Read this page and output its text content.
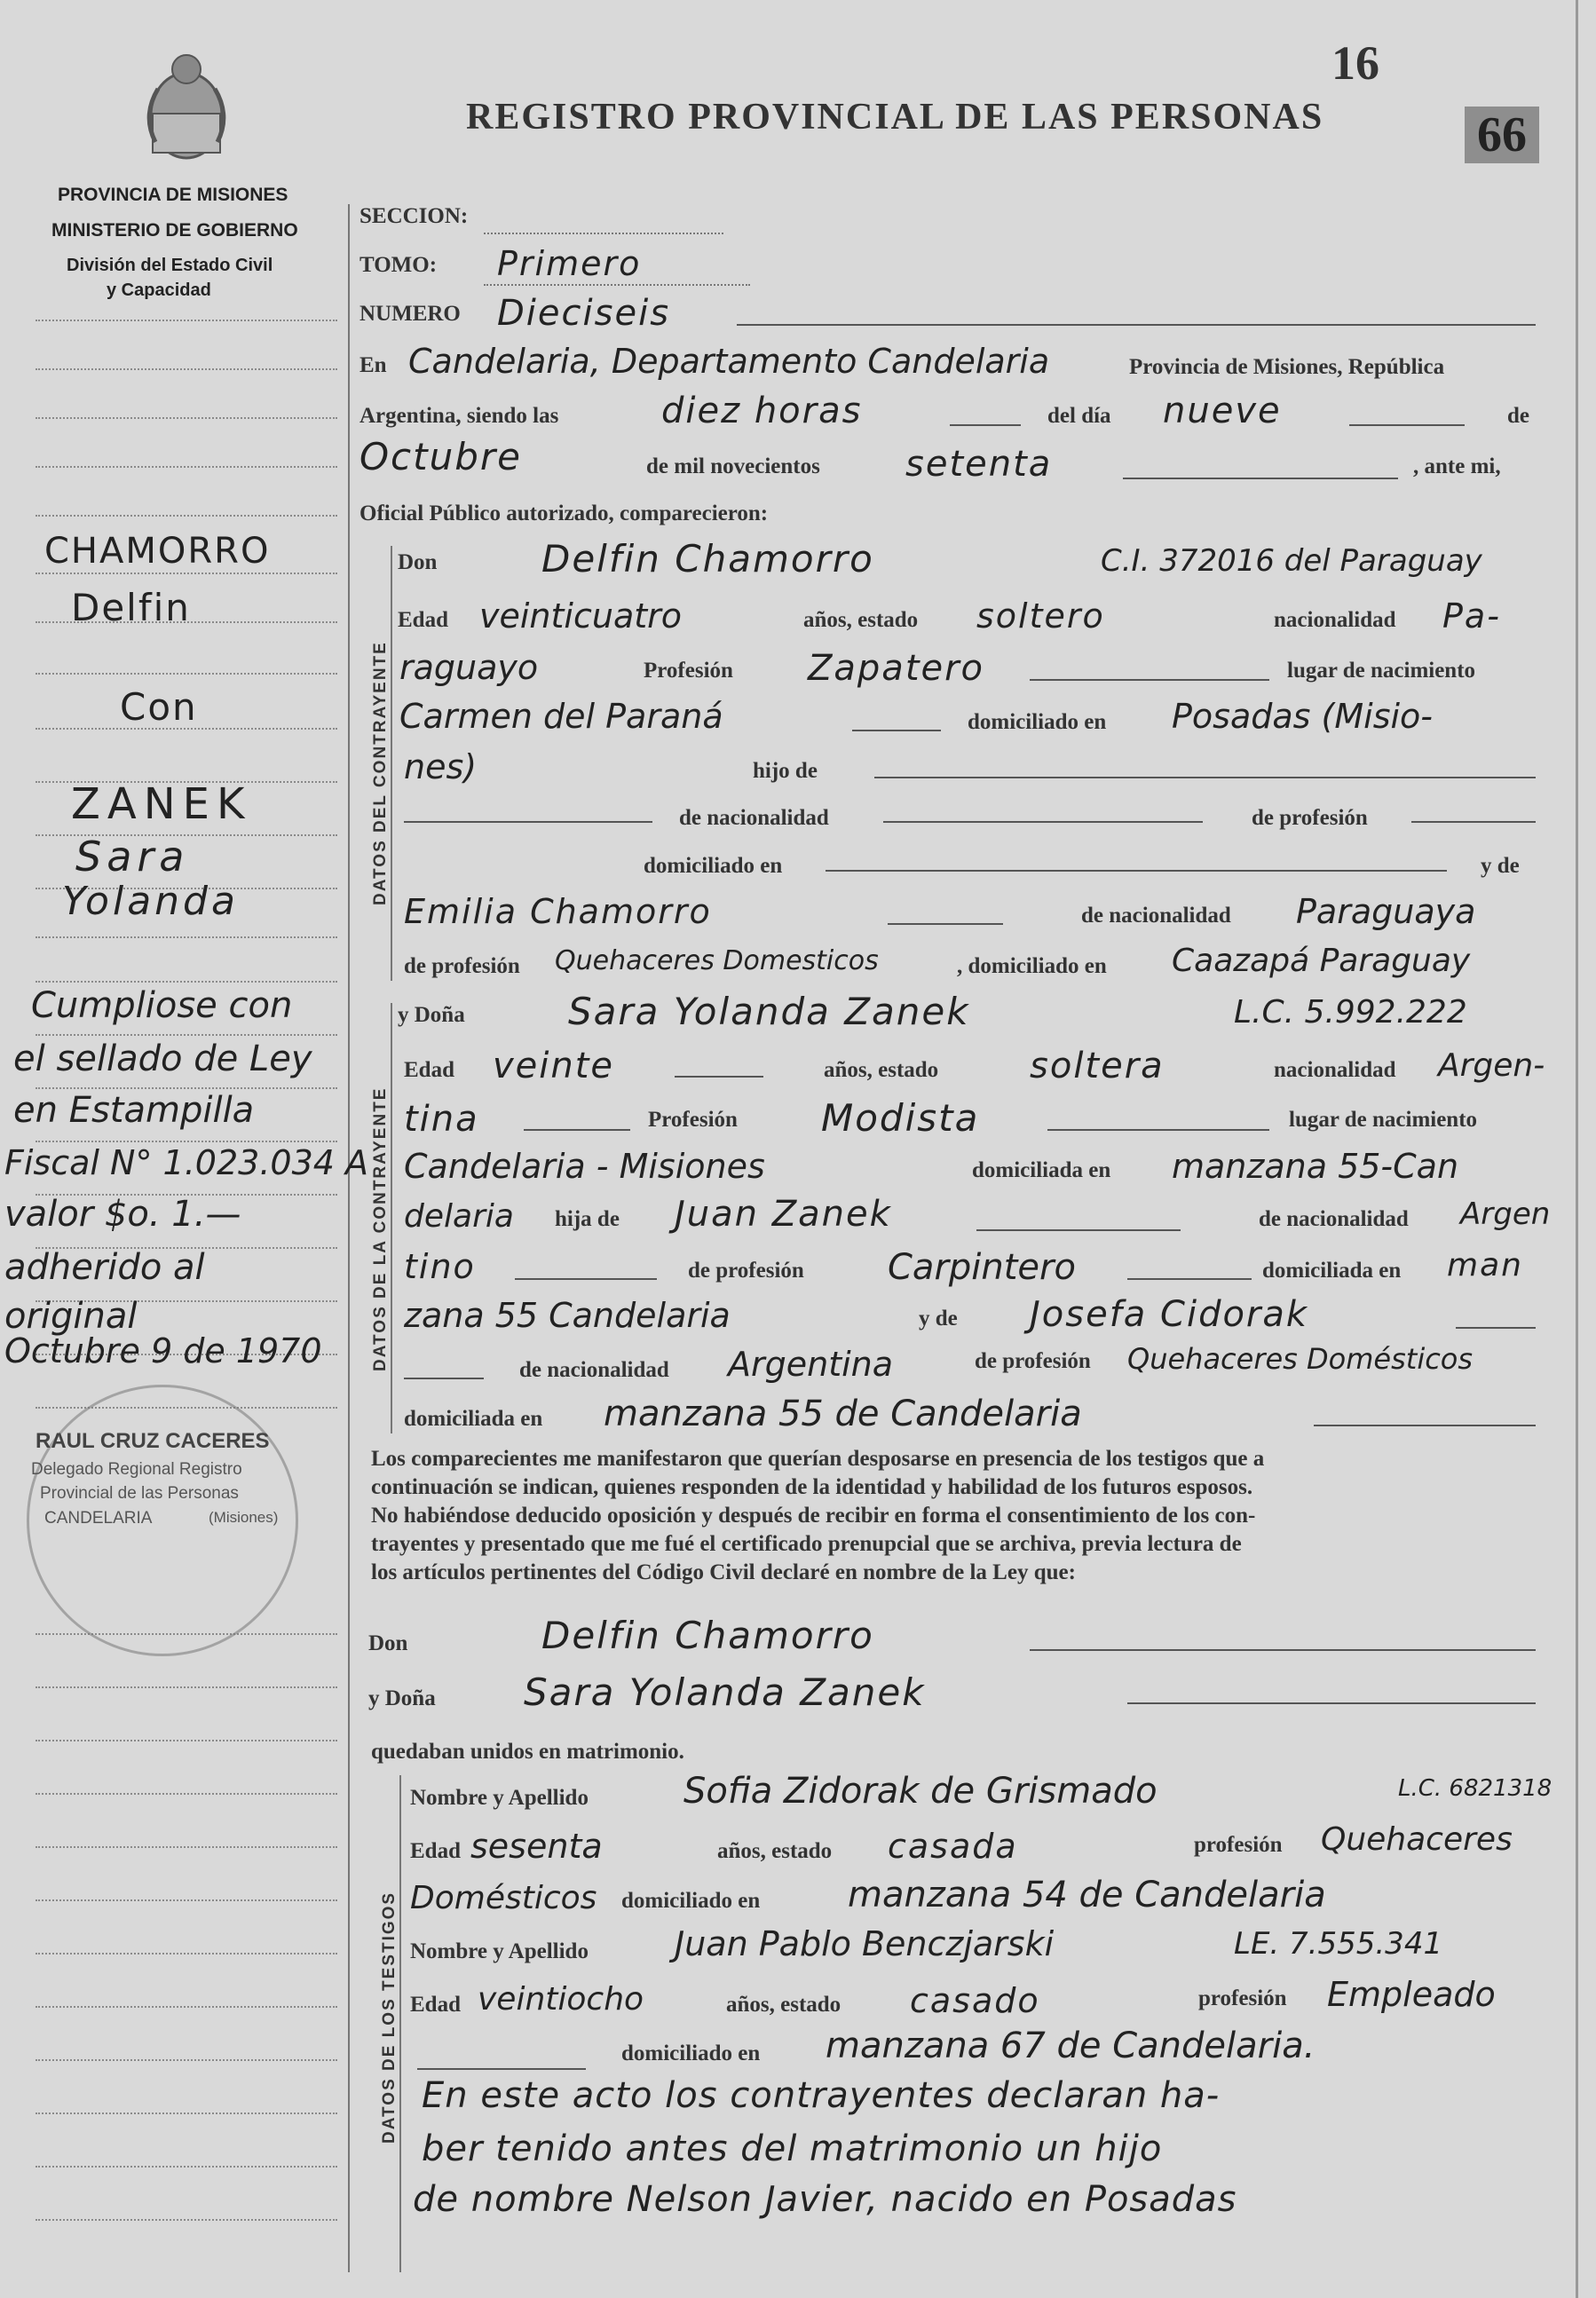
16
66
REGISTRO PROVINCIAL DE LAS PERSONAS
PROVINCIA DE MISIONES
MINISTERIO DE GOBIERNO
División del Estado Civil
y Capacidad
CHAMORRO
Delfin
Con
ZANEK
Sara
Yolanda
Cumpliose con
el sellado de Ley
en Estampilla
Fiscal N° 1.023.034 A
valor $o. 1.—
adherido al
original
Octubre 9 de 1970
RAUL CRUZ CACERES
Delegado Regional Registro
Provincial de las Personas
CANDELARIA	(Misiones)
SECCION:
TOMO: Primero
NUMERO Dieciseis
En Candelaria, Departamento Candelaria	Provincia de Misiones, República
Argentina, siendo las	diez horas	del día nueve	de
Octubre	de mil novecientos setenta	, ante mi,
Oficial Público autorizado, comparecieron:
DATOS DEL CONTRAYENTE
Don	Delfin Chamorro	C.I. 372016 del Paraguay
Edad veinticuatro	años, estado soltero	nacionalidad Pa-
raguayo	Profesión Zapatero	lugar de nacimiento
Carmen del Paraná	domiciliado en Posadas (Misio-
nes)	hijo de
de nacionalidad	de profesión
domiciliado en	y de
Emilia Chamorro	de nacionalidad Paraguaya
de profesión Quehaceres Domesticos	, domiciliado en Caazapá Paraguay
DATOS DE LA CONTRAYENTE
y Doña	Sara Yolanda Zanek	L.C. 5.992.222
Edad veinte	años, estado	soltera	nacionalidad Argen-
tina	Profesión Modista	lugar de nacimiento
Candelaria - Misiones	domiciliada en manzana 55-Can
delaria hija de Juan Zanek	de nacionalidad Argen
tino	de profesión Carpintero	domiciliada en man
zana 55 Candelaria	y de Josefa Cidorak
de nacionalidad Argentina	de profesión Quehaceres Domésticos
domiciliada en manzana 55 de Candelaria
Los comparecientes me manifestaron que querían desposarse en presencia de los testigos que a
continuación se indican, quienes responden de la identidad y habilidad de los futuros esposos.
No habiéndose deducido oposición y después de recibir en forma el consentimiento de los con-
trayentes y presentado que me fué el certificado prenupcial que se archiva, previa lectura de
los artículos pertinentes del Código Civil declaré en nombre de la Ley que:
Don	Delfin Chamorro
y Doña Sara Yolanda Zanek
quedaban unidos en matrimonio.
DATOS DE LOS TESTIGOS
Nombre y Apellido	Sofia Zidorak de Grismado	L.C. 6821318
Edad sesenta	años, estado casada	profesión Quehaceres
Domésticos domiciliado en manzana 54 de Candelaria
Nombre y Apellido	Juan Pablo Benczjarski	LE. 7.555.341
Edad veintiocho	años, estado casado	profesión Empleado
domiciliado en manzana 67 de Candelaria.
En este acto los contrayentes declaran ha-
ber tenido antes del matrimonio un hijo
de nombre Nelson Javier, nacido en Posadas
